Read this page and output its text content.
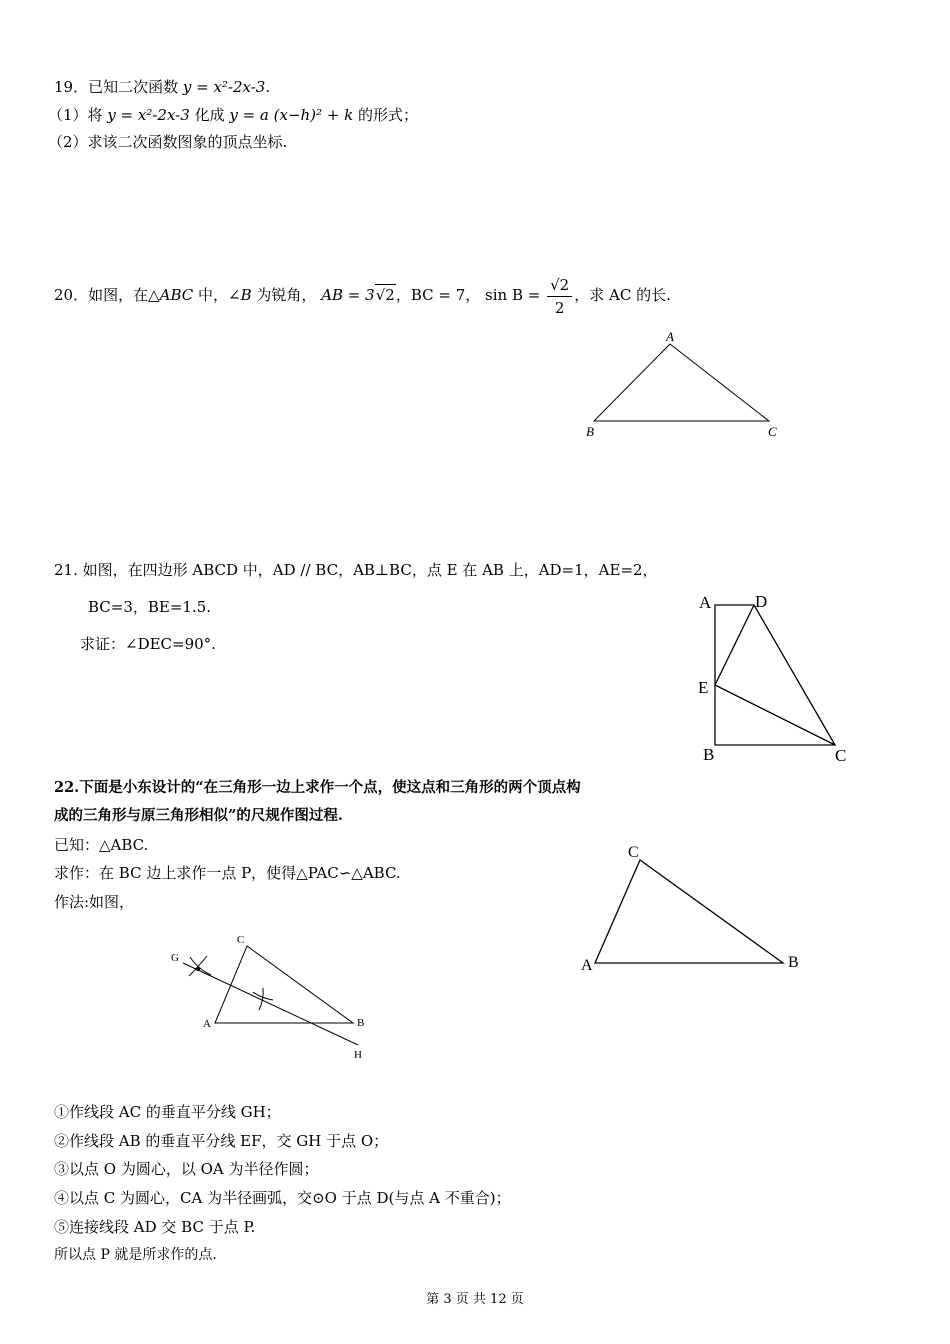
19．已知二次函数 y = x²-2x-3.
（1）将 y = x²-2x-3 化成 y = a (x−h)² + k 的形式；
（2）求该二次函数图象的顶点坐标.
20．如图，在△ABC 中，∠B 为锐角， AB = 3√2，BC = 7， $\sin B = \frac{√2}{2}$ ，求 AC 的长.
A
B	C
21. 如图，在四边形 ABCD 中，AD // BC，AB⊥BC，点 E 在 AB 上，AD=1，AE=2，
BC=3，BE=1.5.
求证：∠DEC=90°.
A	D
E
B	C
22.下面是小东设计的“在三角形一边上求作一个点，使这点和三角形的两个顶点构
成的三角形与原三角形相似”的尺规作图过程.
已知：△ABC.
求作：在 BC 边上求作一点 P，使得△PAC∽△ABC.
作法:如图，
C
A	B
G
H
C
A	B
①作线段 AC 的垂直平分线 GH；
②作线段 AB 的垂直平分线 EF，交 GH 于点 O；
③以点 O 为圆心，以 OA 为半径作圆；
④以点 C 为圆心，CA 为半径画弧，交⊙O 于点 D(与点 A 不重合)；
⑤连接线段 AD 交 BC 于点 P.
所以点 P 就是所求作的点.
第 3 页 共 12 页
